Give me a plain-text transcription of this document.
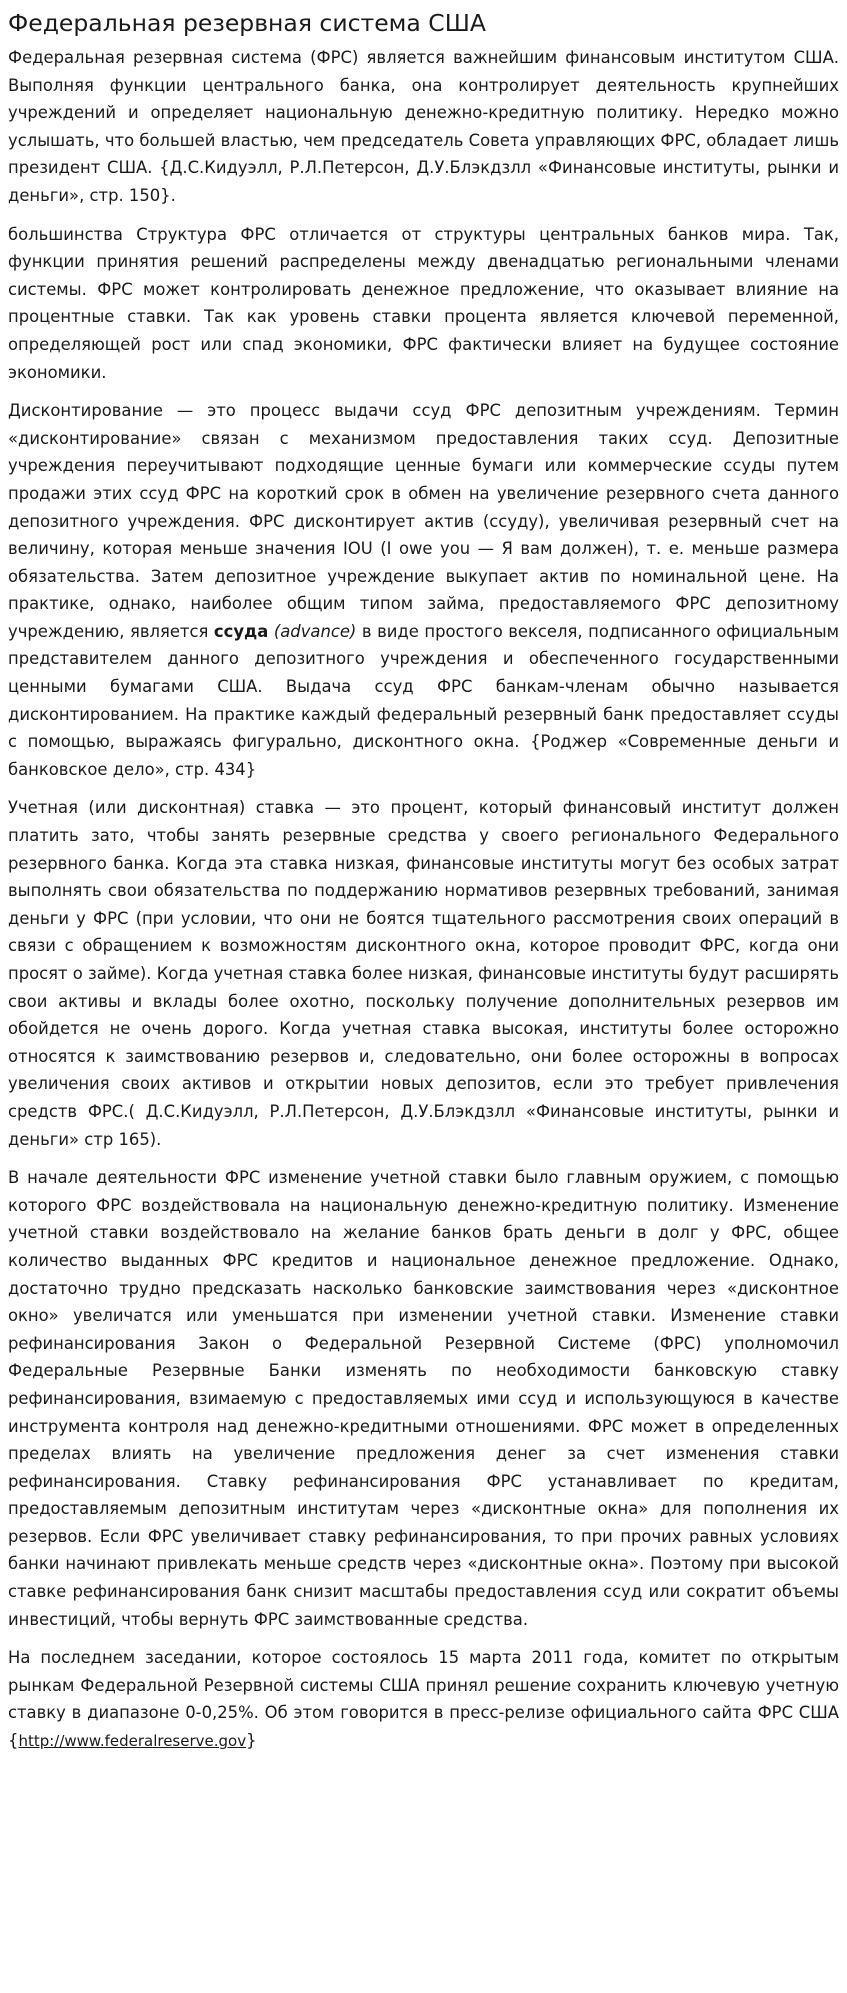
Федеральная резервная система США

Федеральная резервная система (ФРС) является важнейшим финансовым институтом США. Выполняя функции центрального банка, она контролирует деятельность крупнейших учреждений и определяет национальную денежно-кредитную политику. Нередко можно услышать, что большей властью, чем председатель Совета управляющих ФРС, обладает лишь президент США. {Д.С.Кидуэлл, Р.Л.Петерсон, Д.У.Блэкдзлл «Финансовые институты, рынки и деньги», стр. 150}.

большинства Структура ФРС отличается от структуры центральных банков мира. Так, функции принятия решений распределены между двенадцатью региональными членами системы. ФРС может контролировать денежное предложение, что оказывает влияние на процентные ставки. Так как уровень ставки процента является ключевой переменной, определяющей рост или спад экономики, ФРС фактически влияет на будущее состояние экономики.

Дисконтирование — это процесс выдачи ссуд ФРС депозитным учреждениям. Термин «дисконтирование» связан с механизмом предоставления таких ссуд. Депозитные учреждения переучитывают подходящие ценные бумаги или коммерческие ссуды путем продажи этих ссуд ФРС на короткий срок в обмен на увеличение резервного счета данного депозитного учреждения. ФРС дисконтирует актив (ссуду), увеличивая резервный счет на величину, которая меньше значения IOU (I owe you — Я вам должен), т. е. меньше размера обязательства. Затем депозитное учреждение выкупает актив по номинальной цене. На практике, однако, наиболее общим типом займа, предоставляемого ФРС депозитному учреждению, является ссуда (advance) в виде простого векселя, подписанного официальным представителем данного депозитного учреждения и обеспеченного государственными ценными бумагами США. Выдача ссуд ФРС банкам-членам обычно называется дисконтированием. На практике каждый федеральный резервный банк предоставляет ссуды с помощью, выражаясь фигурально, дисконтного окна. {Роджер «Современные деньги и банковское дело», стр. 434}

Учетная (или дисконтная) ставка — это процент, который финансовый институт должен платить зато, чтобы занять резервные средства у своего регионального Федерального резервного банка. Когда эта ставка низкая, финансовые институты могут без особых затрат выполнять свои обязательства по поддержанию нормативов резервных требований, занимая деньги у ФРС (при условии, что они не боятся тщательного рассмотрения своих операций в связи с обращением к возможностям дисконтного окна, которое проводит ФРС, когда они просят о займе). Когда учетная ставка более низкая, финансовые институты будут расширять свои активы и вклады более охотно, поскольку получение дополнительных резервов им обойдется не очень дорого. Когда учетная ставка высокая, институты более осторожно относятся к заимствованию резервов и, следовательно, они более осторожны в вопросах увеличения своих активов и открытии новых депозитов, если это требует привлечения средств ФРС.( Д.С.Кидуэлл, Р.Л.Петерсон, Д.У.Блэкдзлл «Финансовые институты, рынки и деньги» стр 165).

В начале деятельности ФРС изменение учетной ставки было главным оружием, с помощью которого ФРС воздействовала на национальную денежно-кредитную политику. Изменение учетной ставки воздействовало на желание банков брать деньги в долг у ФРС, общее количество выданных ФРС кредитов и национальное денежное предложение. Однако, достаточно трудно предсказать насколько банковские заимствования через «дисконтное окно» увеличатся или уменьшатся при изменении учетной ставки. Изменение ставки рефинансирования Закон о Федеральной Резервной Системе (ФРС) уполномочил Федеральные Резервные Банки изменять по необходимости банковскую ставку рефинансирования, взимаемую с предоставляемых ими ссуд и использующуюся в качестве инструмента контроля над денежно-кредитными отношениями. ФРС может в определенных пределах влиять на увеличение предложения денег за счет изменения ставки рефинансирования. Ставку рефинансирования ФРС устанавливает по кредитам, предоставляемым депозитным институтам через «дисконтные окна» для пополнения их резервов. Если ФРС увеличивает ставку рефинансирования, то при прочих равных условиях банки начинают привлекать меньше средств через «дисконтные окна». Поэтому при высокой ставке рефинансирования банк снизит масштабы предоставления ссуд или сократит объемы инвестиций, чтобы вернуть ФРС заимствованные средства.

На последнем заседании, которое состоялось 15 марта 2011 года, комитет по открытым рынкам Федеральной Резервной системы США принял решение сохранить ключевую учетную ставку в диапазоне 0-0,25%. Об этом говорится в пресс-релизе официального сайта ФРС США {http://www.federalreserve.gov}
